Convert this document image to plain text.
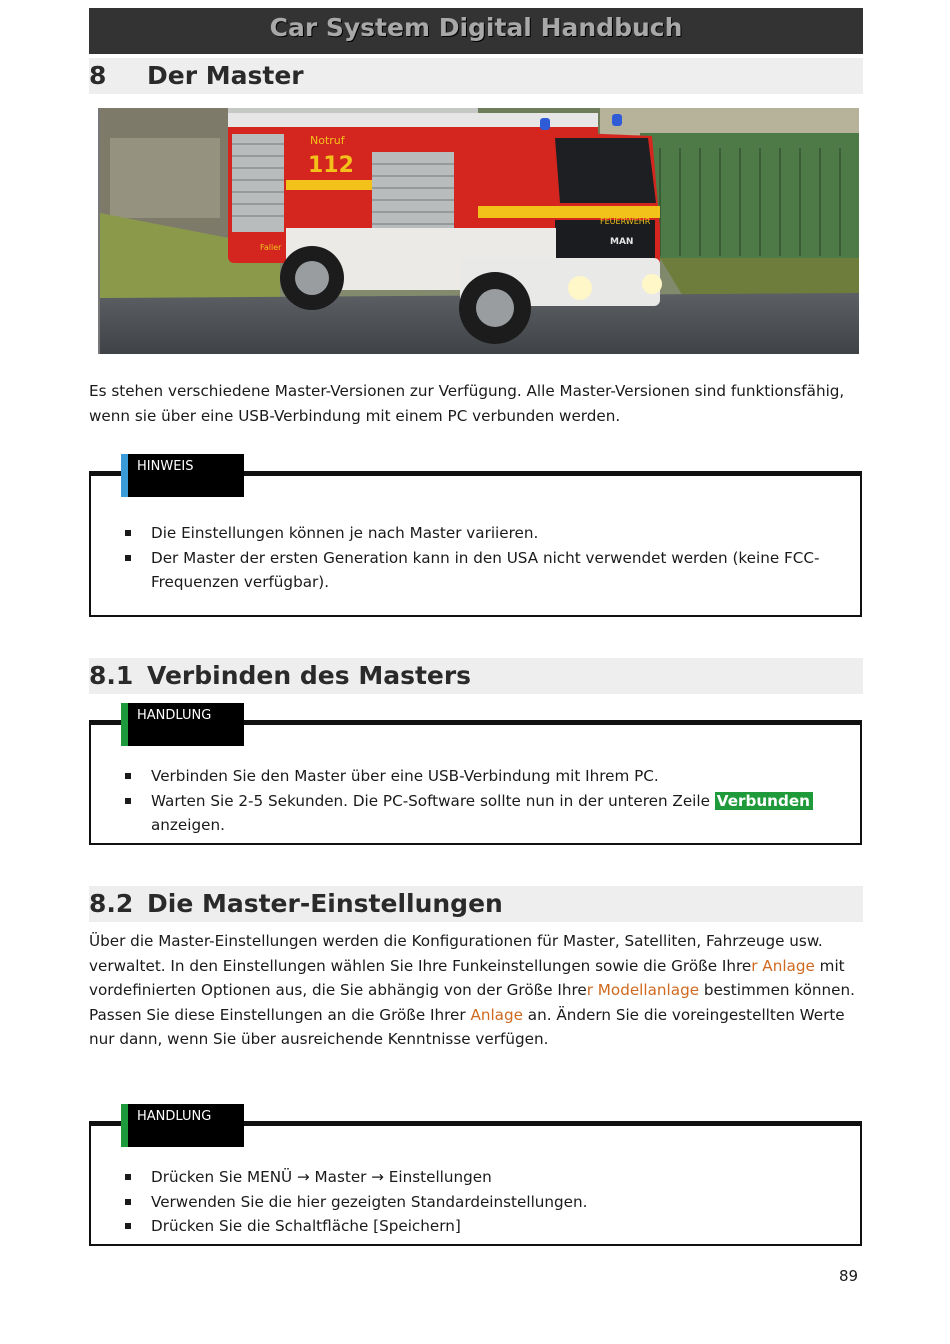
Car System Digital Handbuch
8 Der Master
Notruf
112
Faller
FEUERWEHR
MAN
Es stehen verschiedene Master-Versionen zur Verfügung. Alle Master-Versionen sind funktionsfähig, wenn sie über eine USB-Verbindung mit einem PC verbunden werden.
HINWEIS
Die Einstellungen können je nach Master variieren.
Der Master der ersten Generation kann in den USA nicht verwendet werden (keine FCC-Frequenzen verfügbar).
8.1 Verbinden des Masters
HANDLUNG
Verbinden Sie den Master über eine USB-Verbindung mit Ihrem PC.
Warten Sie 2-5 Sekunden. Die PC-Software sollte nun in der unteren Zeile Verbunden anzeigen.
8.2 Die Master-Einstellungen
Über die Master-Einstellungen werden die Konfigurationen für Master, Satelliten, Fahrzeuge usw. verwaltet. In den Einstellungen wählen Sie Ihre Funkeinstellungen sowie die Größe Ihrer Anlage mit vordefinierten Optionen aus, die Sie abhängig von der Größe Ihrer Modellanlage bestimmen können. Passen Sie diese Einstellungen an die Größe Ihrer Anlage an. Ändern Sie die voreingestellten Werte nur dann, wenn Sie über ausreichende Kenntnisse verfügen.
HANDLUNG
Drücken Sie MENÜ → Master → Einstellungen
Verwenden Sie die hier gezeigten Standardeinstellungen.
Drücken Sie die Schaltfläche [Speichern]
89
